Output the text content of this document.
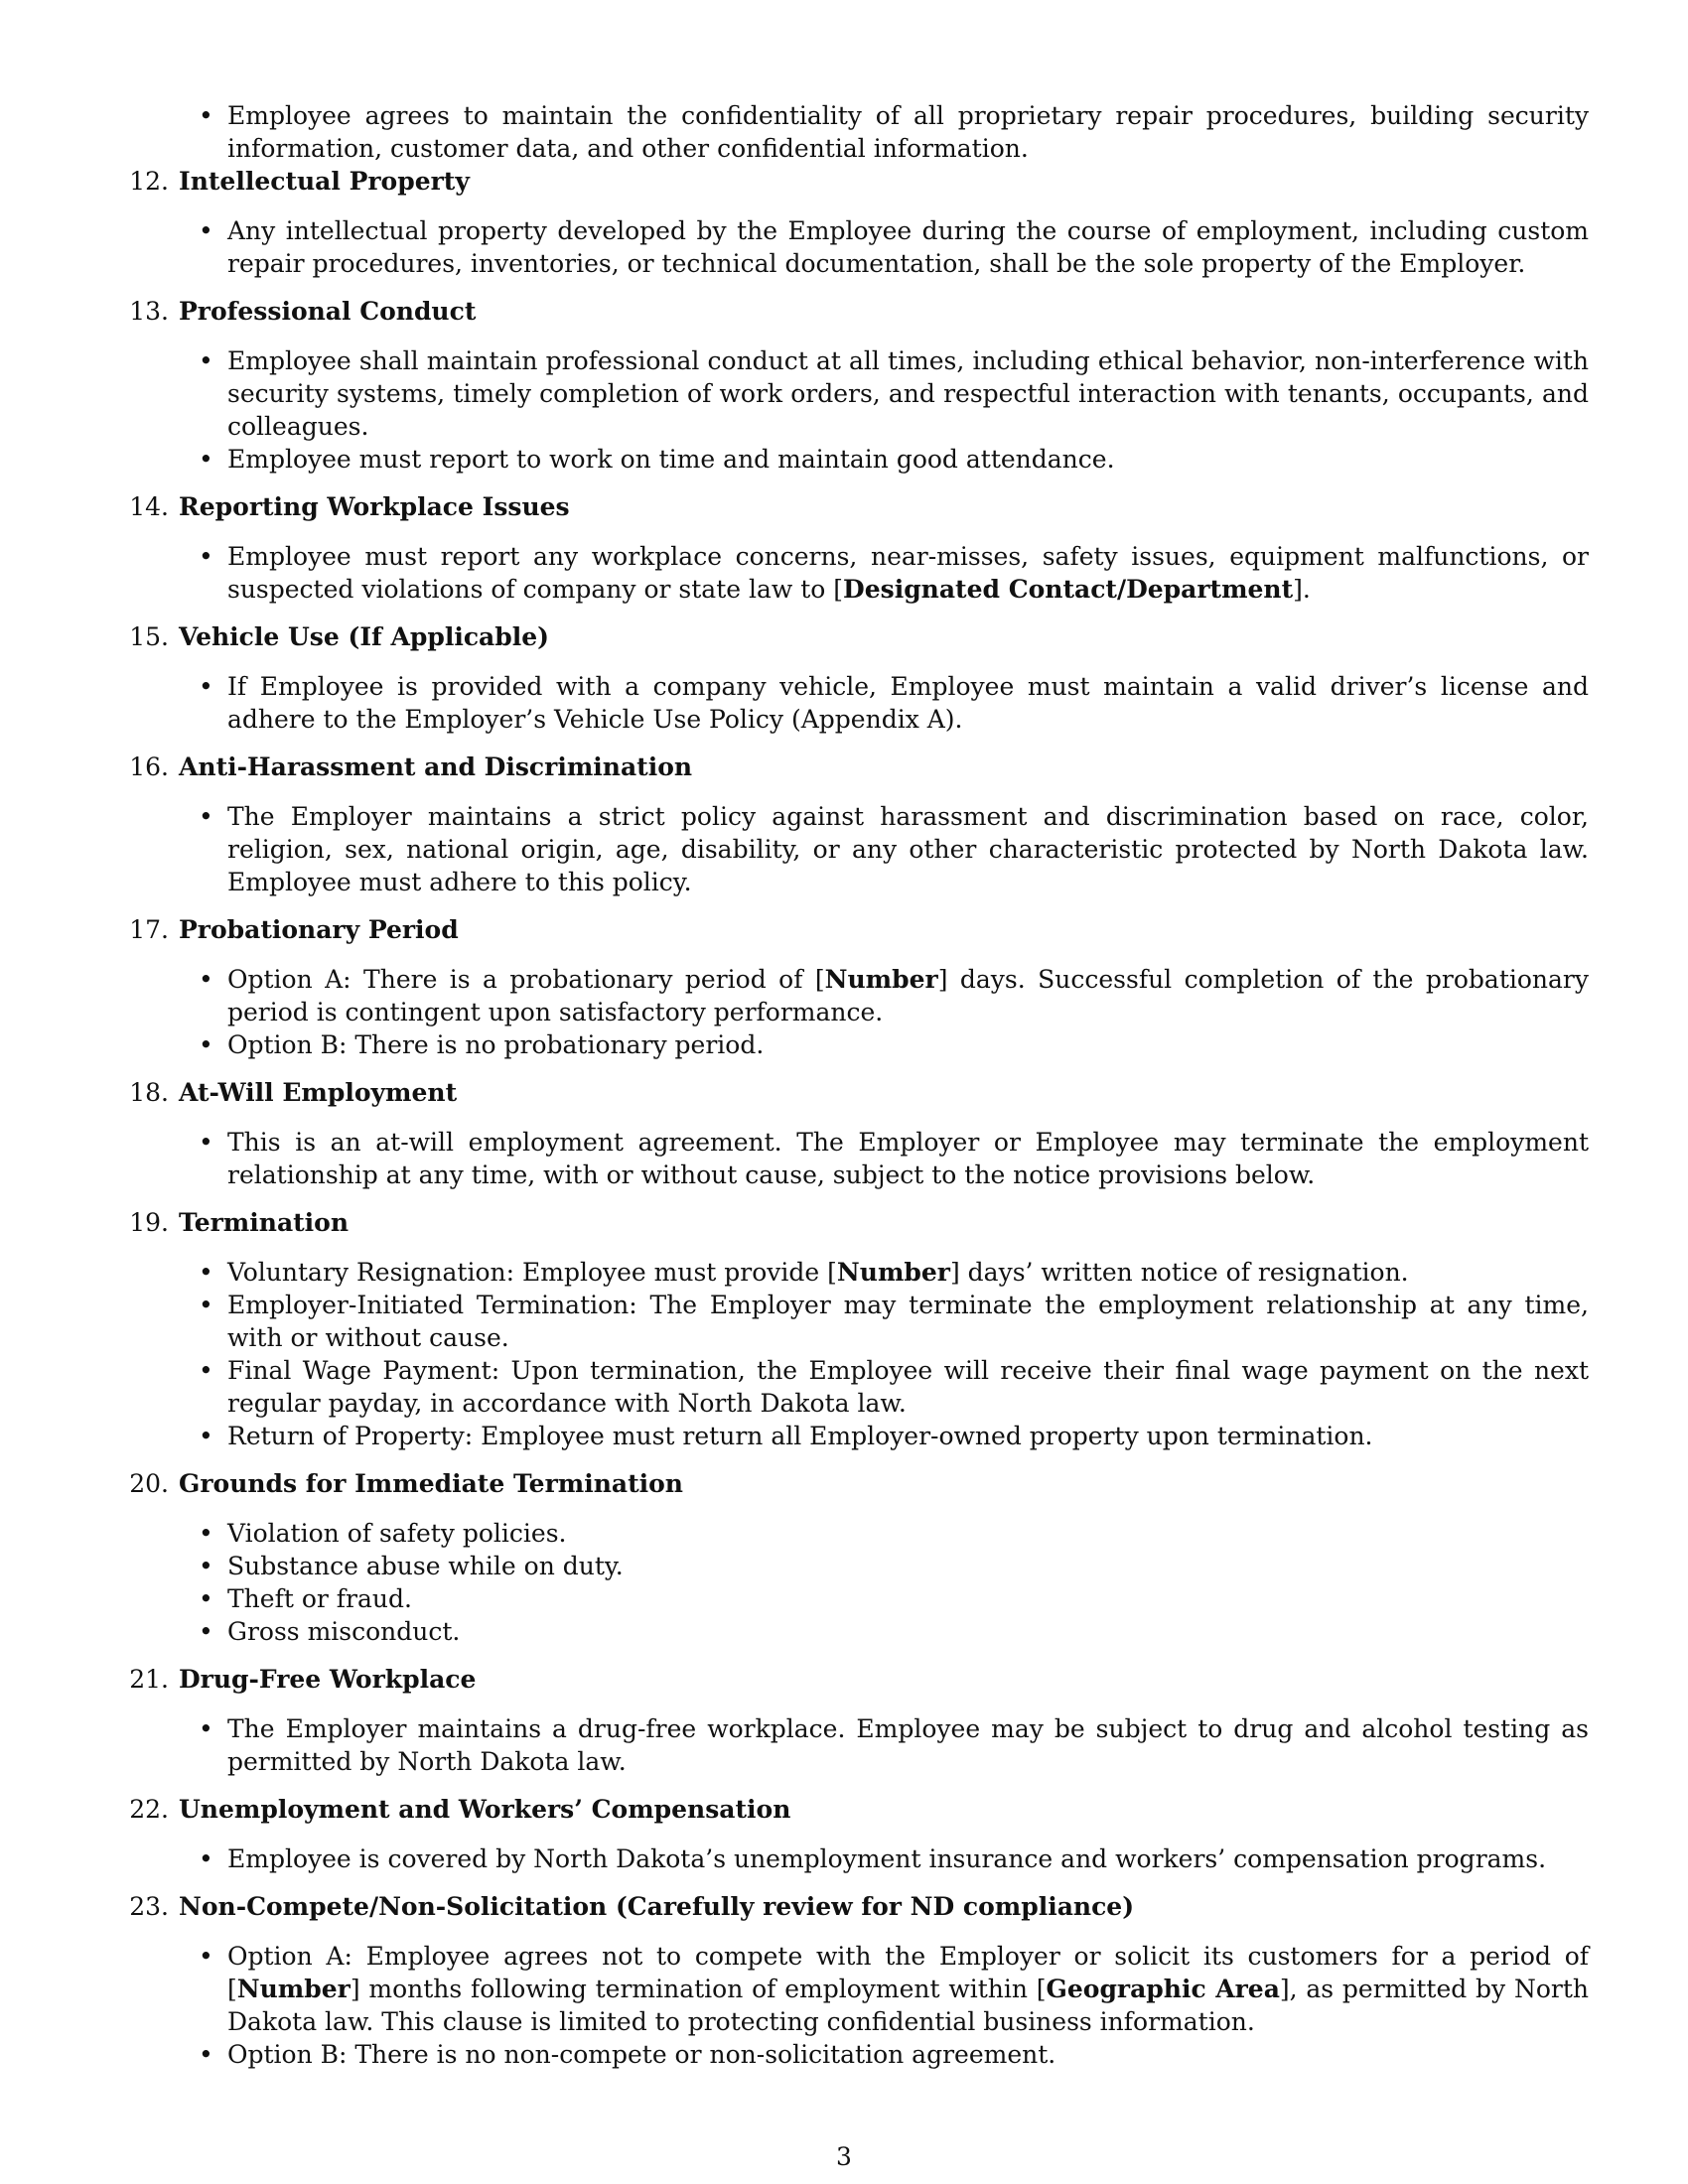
• Employee agrees to maintain the confidentiality of all proprietary repair procedures, building security information, customer data, and other confidential information.
12. Intellectual Property
• Any intellectual property developed by the Employee during the course of employment, including custom repair procedures, inventories, or technical documentation, shall be the sole property of the Employer.
13. Professional Conduct
• Employee shall maintain professional conduct at all times, including ethical behavior, non-interference with security systems, timely completion of work orders, and respectful interaction with tenants, occupants, and colleagues.
• Employee must report to work on time and maintain good attendance.
14. Reporting Workplace Issues
• Employee must report any workplace concerns, near-misses, safety issues, equipment malfunctions, or suspected violations of company or state law to [Designated Contact/Department].
15. Vehicle Use (If Applicable)
• If Employee is provided with a company vehicle, Employee must maintain a valid driver’s license and adhere to the Employer’s Vehicle Use Policy (Appendix A).
16. Anti-Harassment and Discrimination
• The Employer maintains a strict policy against harassment and discrimination based on race, color, religion, sex, national origin, age, disability, or any other characteristic protected by North Dakota law. Employee must adhere to this policy.
17. Probationary Period
• Option A: There is a probationary period of [Number] days. Successful completion of the probationary period is contingent upon satisfactory performance.
• Option B: There is no probationary period.
18. At-Will Employment
• This is an at-will employment agreement. The Employer or Employee may terminate the employment relationship at any time, with or without cause, subject to the notice provisions below.
19. Termination
• Voluntary Resignation: Employee must provide [Number] days’ written notice of resignation.
• Employer-Initiated Termination: The Employer may terminate the employment relationship at any time, with or without cause.
• Final Wage Payment: Upon termination, the Employee will receive their final wage payment on the next regular payday, in accordance with North Dakota law.
• Return of Property: Employee must return all Employer-owned property upon termination.
20. Grounds for Immediate Termination
• Violation of safety policies.
• Substance abuse while on duty.
• Theft or fraud.
• Gross misconduct.
21. Drug-Free Workplace
• The Employer maintains a drug-free workplace. Employee may be subject to drug and alcohol testing as permitted by North Dakota law.
22. Unemployment and Workers’ Compensation
• Employee is covered by North Dakota’s unemployment insurance and workers’ compensation programs.
23. Non-Compete/Non-Solicitation (Carefully review for ND compliance)
• Option A: Employee agrees not to compete with the Employer or solicit its customers for a period of [Number] months following termination of employment within [Geographic Area], as permitted by North Dakota law. This clause is limited to protecting confidential business information.
• Option B: There is no non-compete or non-solicitation agreement.
3
